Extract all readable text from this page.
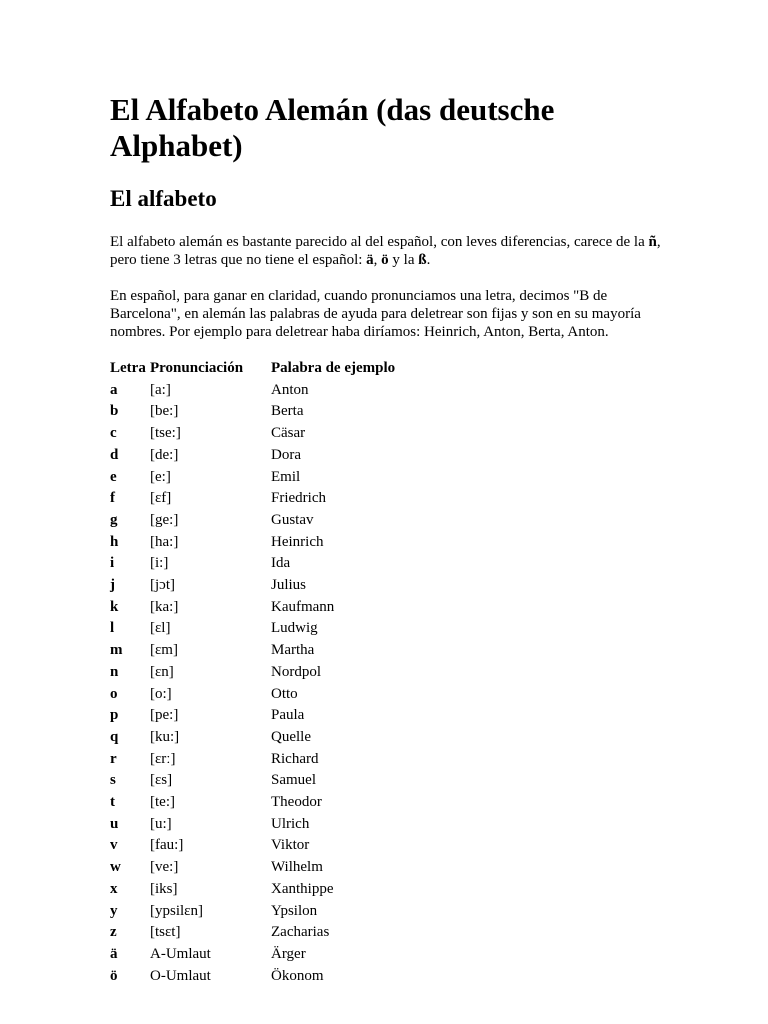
El Alfabeto Alemán (das deutsche Alphabet)
El alfabeto

El alfabeto alemán es bastante parecido al del español, con leves diferencias, carece de la ñ, pero tiene 3 letras que no tiene el español: ä, ö y la ß.

En español, para ganar en claridad, cuando pronunciamos una letra, decimos "B de Barcelona", en alemán las palabras de ayuda para deletrear son fijas y son en su mayoría nombres. Por ejemplo para deletrear haba diríamos: Heinrich, Anton, Berta, Anton.

Letra	Pronunciación	Palabra de ejemplo
a	[a:]	Anton
b	[be:]	Berta
c	[tse:]	Cäsar
d	[de:]	Dora
e	[e:]	Emil
f	[ɛf]	Friedrich
g	[ge:]	Gustav
h	[ha:]	Heinrich
i	[i:]	Ida
j	[jɔt]	Julius
k	[ka:]	Kaufmann
l	[ɛl]	Ludwig
m	[ɛm]	Martha
n	[ɛn]	Nordpol
o	[o:]	Otto
p	[pe:]	Paula
q	[ku:]	Quelle
r	[ɛrː]	Richard
s	[ɛs]	Samuel
t	[te:]	Theodor
u	[u:]	Ulrich
v	[fau:]	Viktor
w	[ve:]	Wilhelm
x	[iks]	Xanthippe
y	[ypsilɛn]	Ypsilon
z	[tsɛt]	Zacharias
ä	A-Umlaut	Ärger
ö	O-Umlaut	Ökonom
